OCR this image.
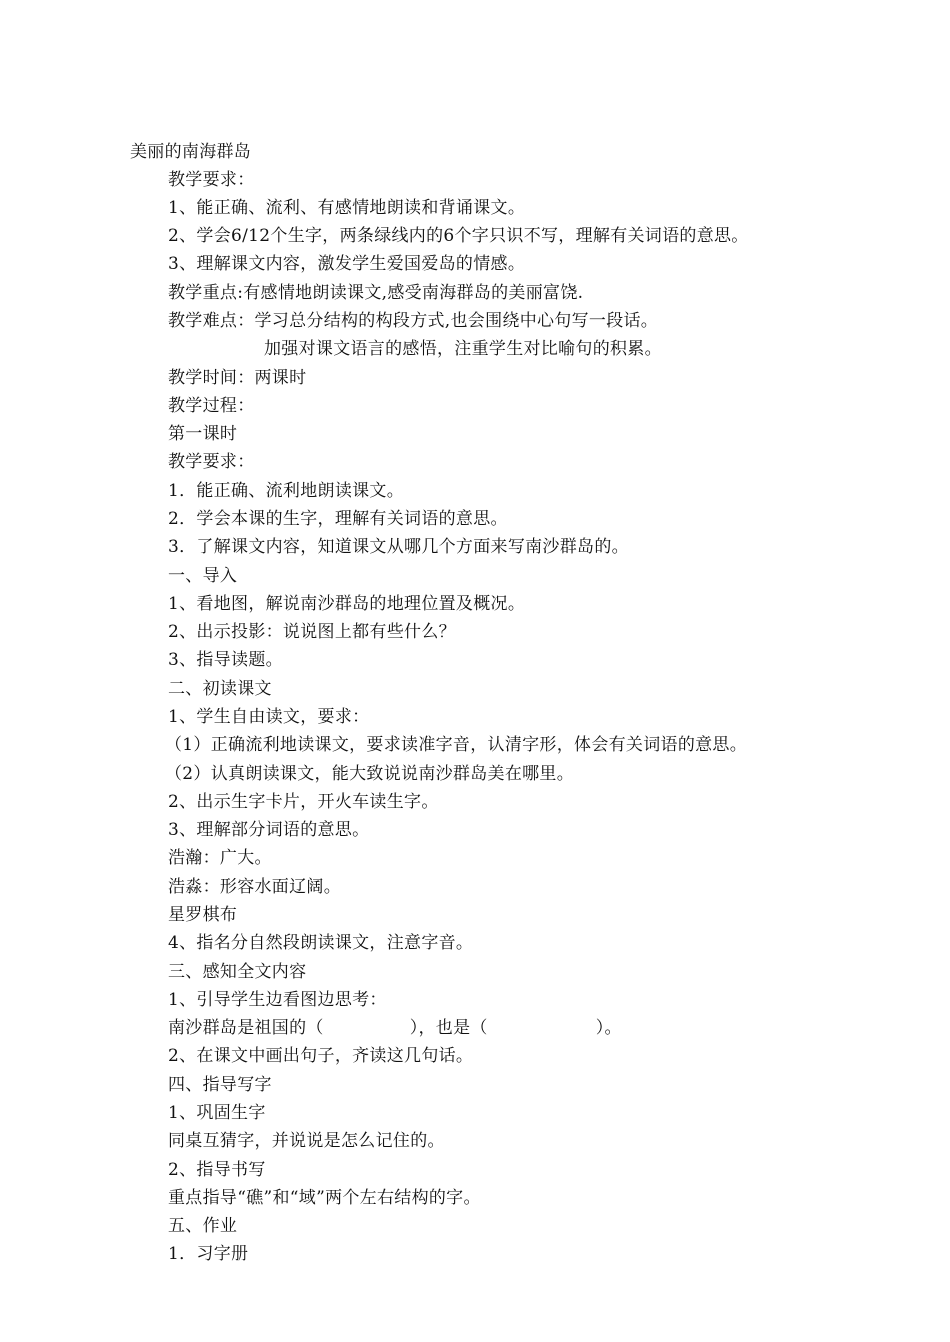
美丽的南海群岛
教学要求：
1、能正确、流利、有感情地朗读和背诵课文。
2、学会6/12个生字，两条绿线内的6个字只识不写，理解有关词语的意思。
3、理解课文内容，激发学生爱国爱岛的情感。
教学重点:有感情地朗读课文,感受南海群岛的美丽富饶.
教学难点：学习总分结构的构段方式,也会围绕中心句写一段话。
加强对课文语言的感悟，注重学生对比喻句的积累。
教学时间：两课时
教学过程：
第一课时
教学要求：
1．能正确、流利地朗读课文。
2．学会本课的生字，理解有关词语的意思。
3．了解课文内容，知道课文从哪几个方面来写南沙群岛的。
一、导入
1、看地图，解说南沙群岛的地理位置及概况。
2、出示投影：说说图上都有些什么？
3、指导读题。
二、初读课文
1、学生自由读文，要求：
（1）正确流利地读课文，要求读准字音，认清字形，体会有关词语的意思。
（2）认真朗读课文，能大致说说南沙群岛美在哪里。
2、出示生字卡片，开火车读生字。
3、理解部分词语的意思。
浩瀚：广大。
浩淼：形容水面辽阔。
星罗棋布
4、指名分自然段朗读课文，注意字音。
三、感知全文内容
1、引导学生边看图边思考：
南沙群岛是祖国的（	），也是（	）。
2、在课文中画出句子，齐读这几句话。
四、指导写字
1、巩固生字
同桌互猜字，并说说是怎么记住的。
2、指导书写
重点指导“礁”和“域”两个左右结构的字。
五、作业
1．习字册
